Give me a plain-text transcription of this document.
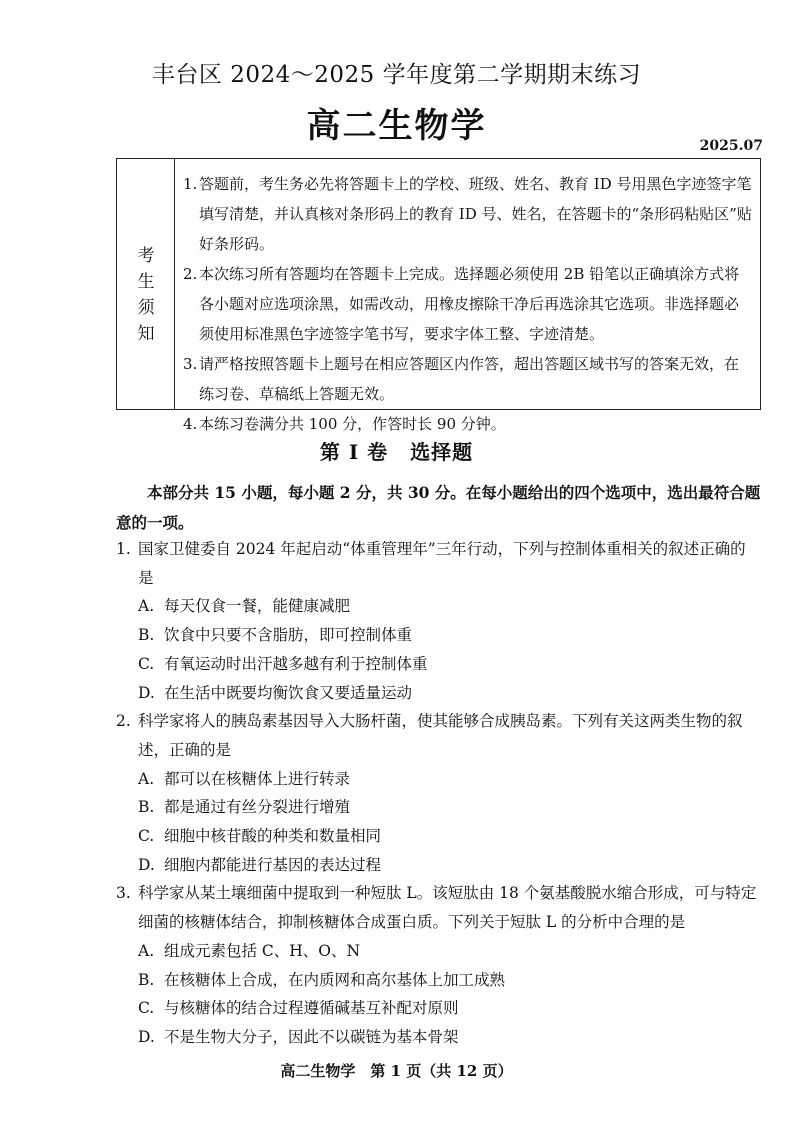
丰台区 2024～2025 学年度第二学期期末练习
高二生物学	2025.07
考
生
须
知
1. 答题前，考生务必先将答题卡上的学校、班级、姓名、教育 ID 号用黑色字迹签字笔填写清楚，并认真核对条形码上的教育 ID 号、姓名，在答题卡的“条形码粘贴区”贴好条形码。
2. 本次练习所有答题均在答题卡上完成。选择题必须使用 2B 铅笔以正确填涂方式将各小题对应选项涂黑，如需改动，用橡皮擦除干净后再选涂其它选项。非选择题必须使用标准黑色字迹签字笔书写，要求字体工整、字迹清楚。
3. 请严格按照答题卡上题号在相应答题区内作答，超出答题区域书写的答案无效，在练习卷、草稿纸上答题无效。
4. 本练习卷满分共 100 分，作答时长 90 分钟。
第 I 卷 选择题
本部分共 15 小题，每小题 2 分，共 30 分。在每小题给出的四个选项中，选出最符合题意的一项。
1. 国家卫健委自 2024 年起启动“体重管理年”三年行动，下列与控制体重相关的叙述正确的是
A. 每天仅食一餐，能健康减肥
B. 饮食中只要不含脂肪，即可控制体重
C. 有氧运动时出汗越多越有利于控制体重
D. 在生活中既要均衡饮食又要适量运动
2. 科学家将人的胰岛素基因导入大肠杆菌，使其能够合成胰岛素。下列有关这两类生物的叙述，正确的是
A. 都可以在核糖体上进行转录
B. 都是通过有丝分裂进行增殖
C. 细胞中核苷酸的种类和数量相同
D. 细胞内都能进行基因的表达过程
3. 科学家从某土壤细菌中提取到一种短肽 L。该短肽由 18 个氨基酸脱水缩合形成，可与特定细菌的核糖体结合，抑制核糖体合成蛋白质。下列关于短肽 L 的分析中合理的是
A. 组成元素包括 C、H、O、N
B. 在核糖体上合成，在内质网和高尔基体上加工成熟
C. 与核糖体的结合过程遵循碱基互补配对原则
D. 不是生物大分子，因此不以碳链为基本骨架
高二生物学　第 1 页（共 12 页）
